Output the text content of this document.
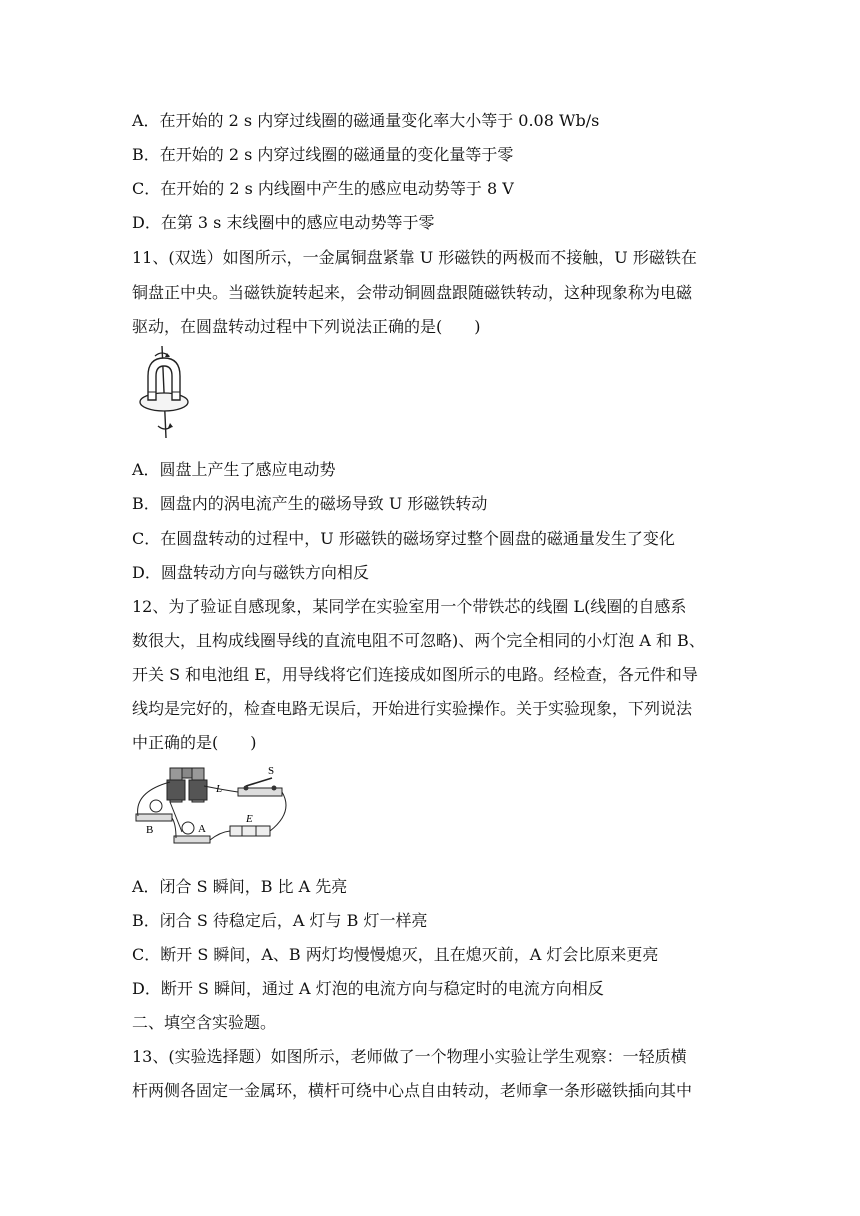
A．在开始的 2 s 内穿过线圈的磁通量变化率大小等于 0.08 Wb/s
B．在开始的 2 s 内穿过线圈的磁通量的变化量等于零
C．在开始的 2 s 内线圈中产生的感应电动势等于 8 V
D．在第 3 s 末线圈中的感应电动势等于零
11、(双选）如图所示，一金属铜盘紧靠 U 形磁铁的两极而不接触，U 形磁铁在
铜盘正中央。当磁铁旋转起来，会带动铜圆盘跟随磁铁转动，这种现象称为电磁
驱动，在圆盘转动过程中下列说法正确的是(　　)
A．圆盘上产生了感应电动势
B．圆盘内的涡电流产生的磁场导致 U 形磁铁转动
C．在圆盘转动的过程中，U 形磁铁的磁场穿过整个圆盘的磁通量发生了变化
D．圆盘转动方向与磁铁方向相反
12、为了验证自感现象，某同学在实验室用一个带铁芯的线圈 L(线圈的自感系
数很大，且构成线圈导线的直流电阻不可忽略)、两个完全相同的小灯泡 A 和 B、
开关 S 和电池组 E，用导线将它们连接成如图所示的电路。经检查，各元件和导
线均是完好的，检查电路无误后，开始进行实验操作。关于实验现象，下列说法
中正确的是(　　)
L
S
B	A
E
A．闭合 S 瞬间，B 比 A 先亮
B．闭合 S 待稳定后，A 灯与 B 灯一样亮
C．断开 S 瞬间，A、B 两灯均慢慢熄灭，且在熄灭前，A 灯会比原来更亮
D．断开 S 瞬间，通过 A 灯泡的电流方向与稳定时的电流方向相反
二、填空含实验题。
13、(实验选择题）如图所示，老师做了一个物理小实验让学生观察：一轻质横
杆两侧各固定一金属环，横杆可绕中心点自由转动，老师拿一条形磁铁插向其中
